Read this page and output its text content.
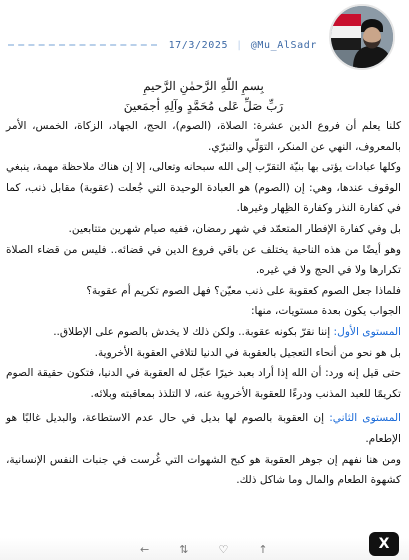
17/3/2025 | @Mu_AlSadr

بِسمِ اللّهِ الرَّحمٰنِ الرَّحيمِ

رَبِّ صَلِّ عَلى مُحَمَّدٍ وآلِهِ أجمَعينَ

كلنا يعلم أن فروع الدين عشرة: الصلاة، (الصوم)، الحج، الجهاد، الزكاة، الخمس، الأمر بالمعروف، النهي عن المنكر، التوَلّي والتبرّي.

وكلها عبادات يؤتى بها بنيّة التقرّب إلى الله سبحانه وتعالى، إلا إن هناك ملاحظة مهمة، ينبغي الوقوف عندها، وهي: إن (الصوم) هو العبادة الوحيدة التي جُعلت (عقوبة) مقابل ذنب، كما في كفارة النذر وكفارة الظِهار وغيرها.

بل وفي كفارة الإفطار المتعمّد في شهر رمضان، ففيه صيام شهرين متتابعين.

وهو أيضًا من هذه الناحية يختلف عن باقي فروع الدين في قضائه.. فليس من قضاء الصلاة تكرارها ولا في الحج ولا في غيره.

فلماذا جعل الصوم كعقوبة على ذنب معيّن؟ فهل الصوم تكريم أم عقوبة؟

الجواب يكون بعدة مستويات، منها:

المستوى الأول: إننا نقرّ بكونه عقوبة.. ولكن ذلك لا يخدش بالصوم على الإطلاق..

بل هو نحو من أنحاء التعجيل بالعقوبة في الدنيا لتلافي العقوبة الأخروية.

حتى قيل إنه ورد: أن الله إذا أراد بعبد خيرًا عجّل له العقوبة في الدنيا، فتكون حقيقة الصوم تكريمًا للعبد المذنب ودرءًا للعقوبة الأخروية عنه، لا التلذذ بمعاقبته وبلائه.

المستوى الثاني: إن العقوبة بالصوم لها بديل في حال عدم الاستطاعة، والبديل غالبًا هو الإطعام.

ومن هنا نفهم إن جوهر العقوبة هو كبح الشهوات التي غُرست في جنبات النفس الإنسانية، كشهوة الطعام والمال وما شاكل ذلك.

←	⇅	♡	↑	X
